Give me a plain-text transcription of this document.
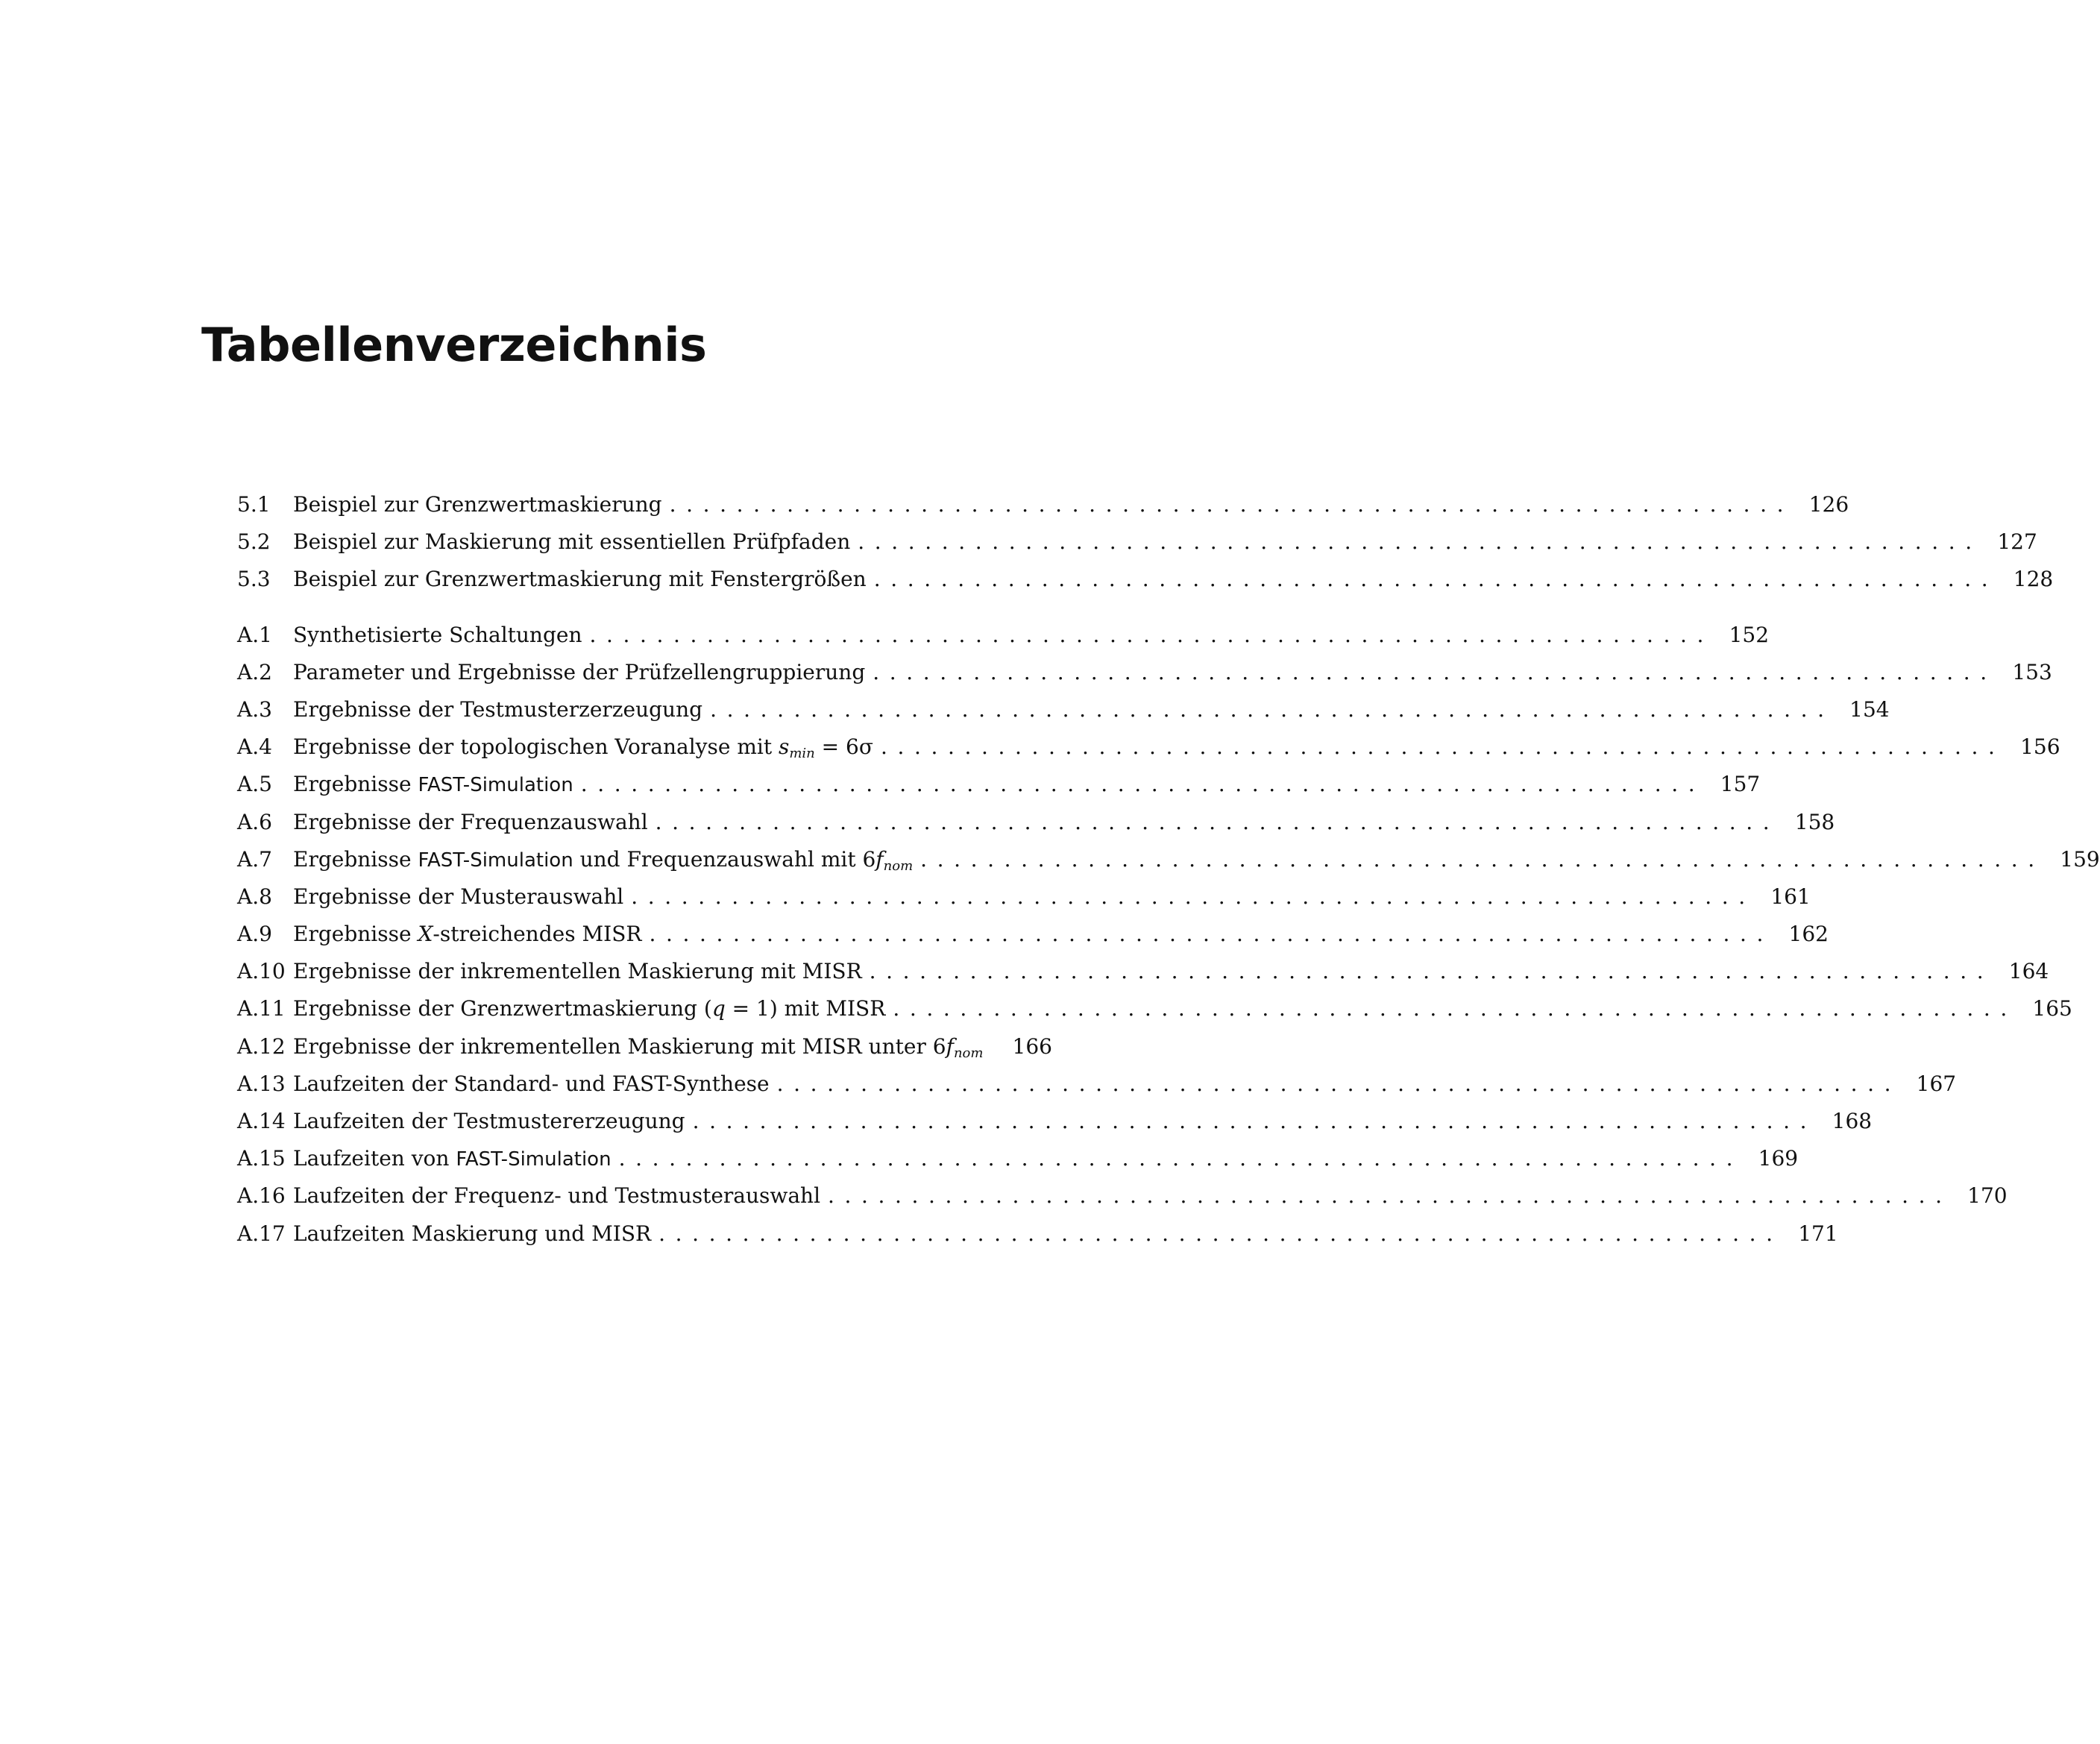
Tabellenverzeichnis
5.1	Beispiel zur Grenzwertmaskierung ................................................................... 126
5.2	Beispiel zur Maskierung mit essentiellen Prüfpfaden ................................................................... 127
5.3	Beispiel zur Grenzwertmaskierung mit Fenstergrößen ................................................................... 128
A.1	Synthetisierte Schaltungen ................................................................... 152
A.2	Parameter und Ergebnisse der Prüfzellengruppierung ................................................................... 153
A.3	Ergebnisse der Testmusterzerzeugung ................................................................... 154
A.4	Ergebnisse der topologischen Voranalyse mit $s_{min} = 6\sigma$ ................................................................... 156
A.5	Ergebnisse FAST-Simulation ................................................................... 157
A.6	Ergebnisse der Frequenzauswahl ................................................................... 158
A.7	Ergebnisse FAST-Simulation und Frequenzauswahl mit $6f_{nom}$ ................................................................... 159
A.8	Ergebnisse der Musterauswahl ................................................................... 161
A.9	Ergebnisse X-streichendes MISR ................................................................... 162
A.10 Ergebnisse der inkrementellen Maskierung mit MISR ................................................................... 164
A.11 Ergebnisse der Grenzwertmaskierung (q = 1) mit MISR ................................................................... 165
A.12 Ergebnisse der inkrementellen Maskierung mit MISR unter $6f_{nom}$	166
A.13 Laufzeiten der Standard- und FAST-Synthese ................................................................... 167
A.14 Laufzeiten der Testmustererzeugung ................................................................... 168
A.15 Laufzeiten von FAST-Simulation ................................................................... 169
A.16 Laufzeiten der Frequenz- und Testmusterauswahl ................................................................... 170
A.17 Laufzeiten Maskierung und MISR ................................................................... 171
